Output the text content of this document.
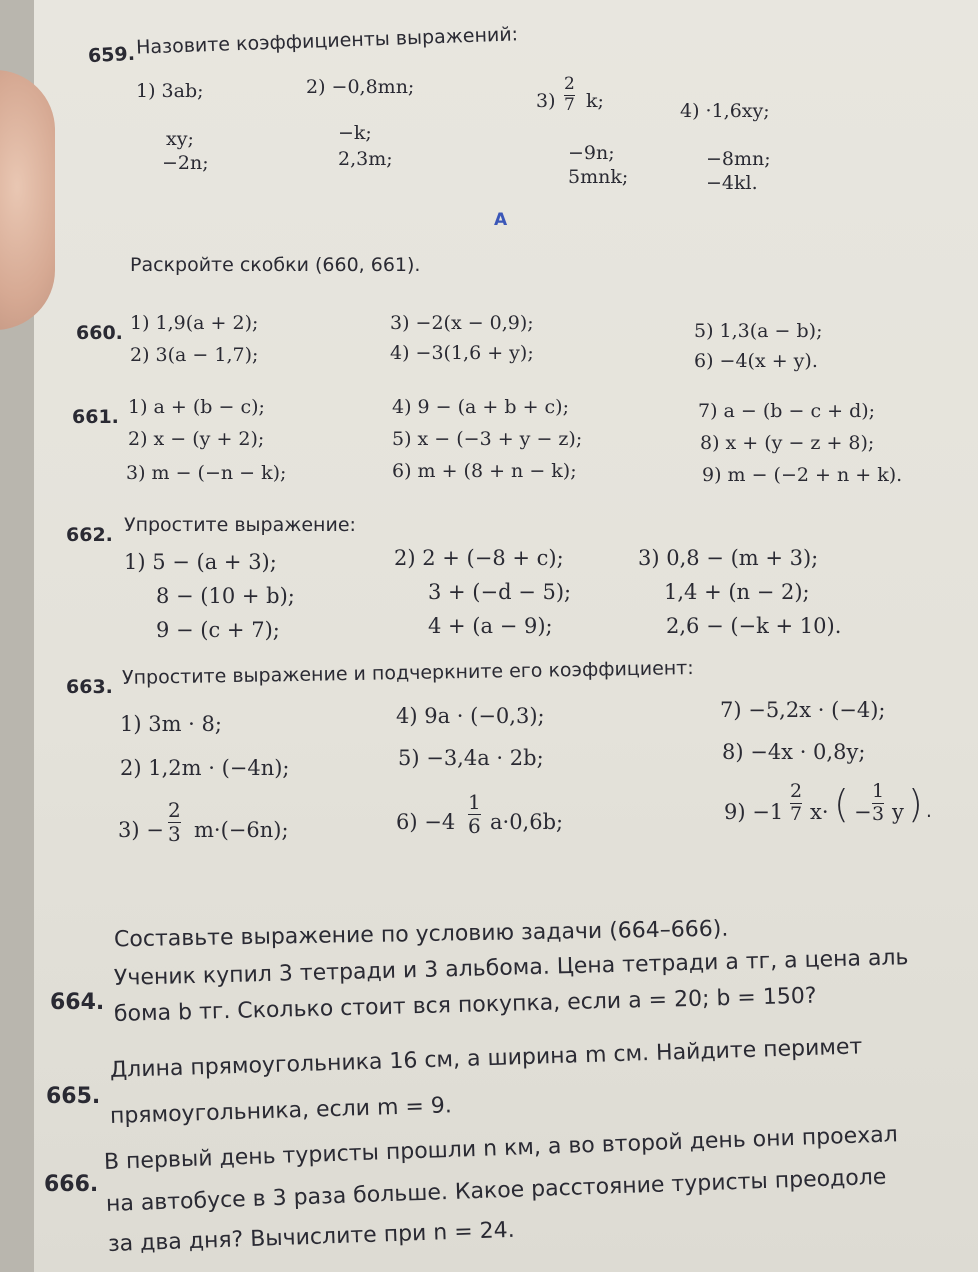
659. Назовите коэффициенты выражений:
1) 3ab;
xy;
−2n;
2) −0,8mn;
−k;
2,3m;
3)
2
7 k;
−9n;
5mnk;
4) ·1,6xy;
−8mn;
−4kl.
А
Раскройте скобки (660, 661).
660. 1) 1,9(a + 2);
2) 3(a − 1,7);
3) −2(x − 0,9);
4) −3(1,6 + y);
5) 1,3(a − b);
6) −4(x + y).
661. 1) a + (b − c);
2) x − (y + 2);
3) m − (−n − k);
4) 9 − (a + b + c);
5) x − (−3 + y − z);
6) m + (8 + n − k);
7) a − (b − c + d);
8) x + (y − z + 8);
9) m − (−2 + n + k).
662. Упростите выражение:
1) 5 − (a + 3);
8 − (10 + b);
9 − (c + 7);
2) 2 + (−8 + c);
3 + (−d − 5);
4 + (a − 9);
3) 0,8 − (m + 3);
1,4 + (n − 2);
2,6 − (−k + 10).
663. Упростите выражение и подчеркните его коэффициент:
1) 3m · 8;
2) 1,2m · (−4n);
4) 9a · (−0,3);
5) −3,4a · 2b;
7) −5,2x · (−4);
8) −4x · 0,8y;
3) −
2
3 m·(−6n);	6) −4
1
6 a·0,6b;	9) −1
2
7 x· ( −
1
3 y ).
Составьте выражение по условию задачи (664–666).
664.
Ученик купил 3 тетради и 3 альбома. Цена тетради a тг, а цена аль
бома b тг. Сколько стоит вся покупка, если a = 20; b = 150?
665.
Длина прямоугольника 16 см, а ширина m см. Найдите перимет
прямоугольника, если m = 9.
666.
В первый день туристы прошли n км, а во второй день они проехал
на автобусе в 3 раза больше. Какое расстояние туристы преодоле
за два дня? Вычислите при n = 24.
